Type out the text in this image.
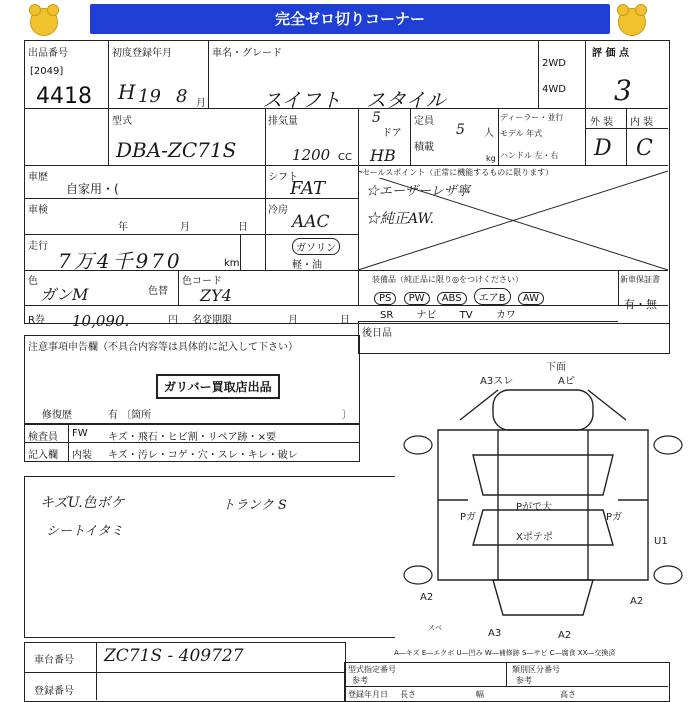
完全ゼロ切りコーナー
出品番号
[2049]
4418
初度登録年月
H 19 8 月
車名・グレード
スイフト スタイル
2WD
4WD
評 価 点
3
外 装 内 装
D C
型式
DBA-ZC71S
排気量
1200 CC
5
ドア
HB
定員
5 人
積載
kg
ディーラー・並行
モデル 年式
ハンドル 左・右
車歴
自家用・(
車検
年	月	日
シフト
FAT
冷房
AAC
走行
7万4千970	km
ガソリン
軽・油
色
ガンM	色替
色コード
ZY4
R券 10,090.	円 名変期限	月	日
セールスポイント（正常に機能するものに限ります）
☆エーザーレザ寧
☆純正AW.
装備品（純正品に限り◎をつけください）	新車保証書
有・無
PS PW ABS エアB AW
SR ナビ TV カワ
後日品
注意事項申告欄（不具合内容等は具体的に記入して下さい）
ガリバー買取店出品
修復歴	有 〔箇所	〕
検査員 FW キズ・飛石・ヒビ割・リペア跡・×要
記入欄 内装 キズ・汚レ・コゲ・穴・スレ・キレ・破レ
キズU.色ボケ
シートイタミ
トランク S
A3スレ
下面
Aピ
Pガ
Pがで大
Xポテポ
Pガ
U1
A2	A2
A3	A2
スベ
A―キズ E―エクボ U―凹み W―補修跡 S―サビ C―腐食 XX―交換済
車台番号 ZC71S - 409727
登録番号
型式指定番号
参考
類別区分番号
参考
登録年月日 長さ	幅	高さ
